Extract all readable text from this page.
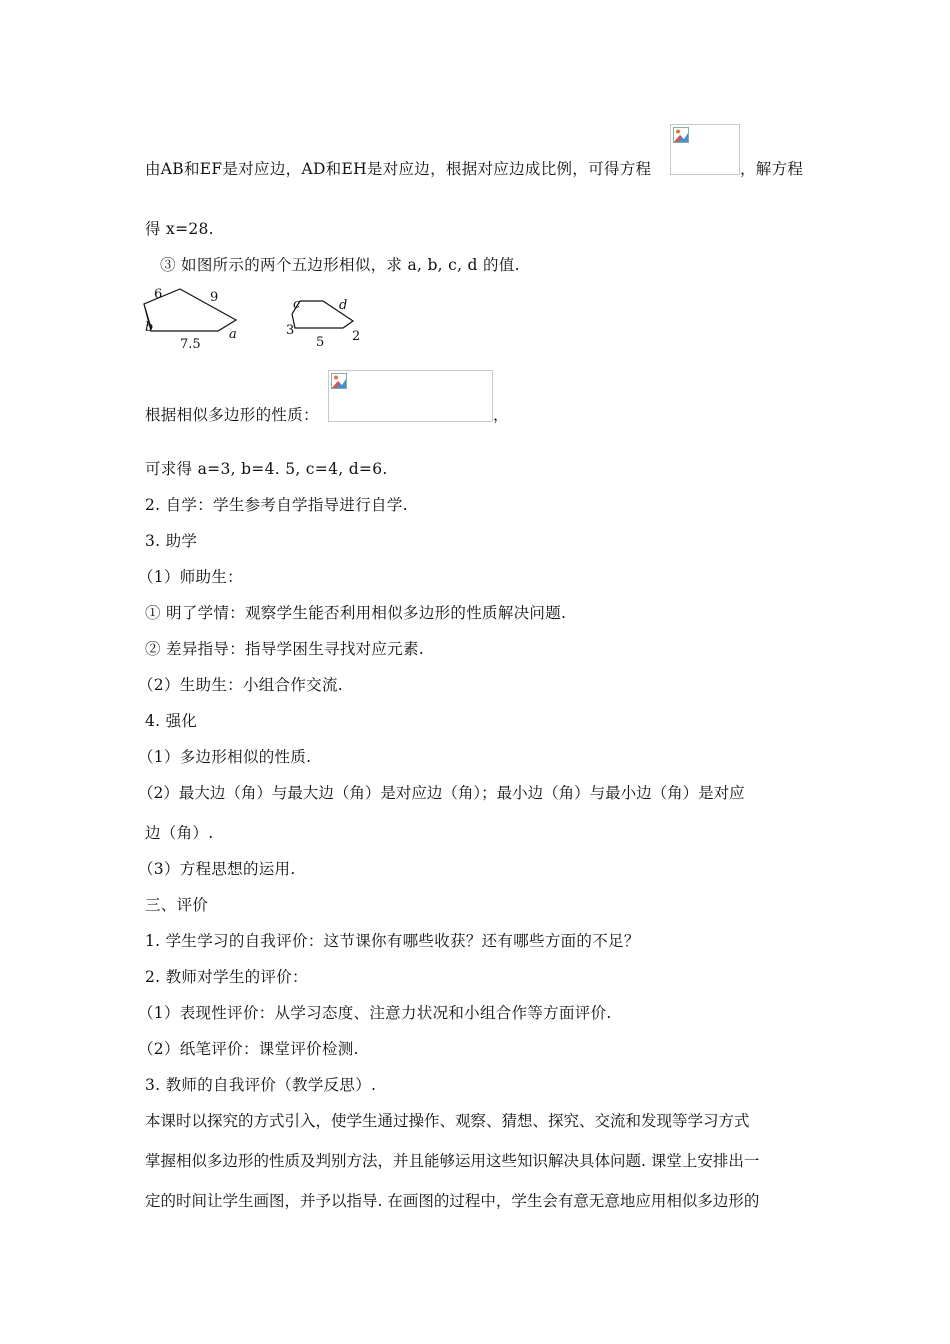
由AB和EF是对应边，AD和EH是对应边，根据对应边成比例，可得方程	，解方程
得 x=28.
③ 如图所示的两个五边形相似，求 a, b, c, d 的值.
6	9
b	a
7.5
c	d
3	2
5
根据相似多边形的性质：	，
可求得 a=3, b=4. 5, c=4, d=6.
2. 自学：学生参考自学指导进行自学.
3. 助学
（1）师助生：
① 明了学情：观察学生能否利用相似多边形的性质解决问题.
② 差异指导：指导学困生寻找对应元素.
（2）生助生：小组合作交流.
4. 强化
（1）多边形相似的性质.
（2）最大边（角）与最大边（角）是对应边（角）；最小边（角）与最小边（角）是对应
边（角）.
（3）方程思想的运用.
三、评价
1. 学生学习的自我评价：这节课你有哪些收获？还有哪些方面的不足？
2. 教师对学生的评价：
（1）表现性评价：从学习态度、注意力状况和小组合作等方面评价.
（2）纸笔评价：课堂评价检测.
3. 教师的自我评价（教学反思）.
本课时以探究的方式引入，使学生通过操作、观察、猜想、探究、交流和发现等学习方式
掌握相似多边形的性质及判别方法，并且能够运用这些知识解决具体问题. 课堂上安排出一
定的时间让学生画图，并予以指导. 在画图的过程中，学生会有意无意地应用相似多边形的
